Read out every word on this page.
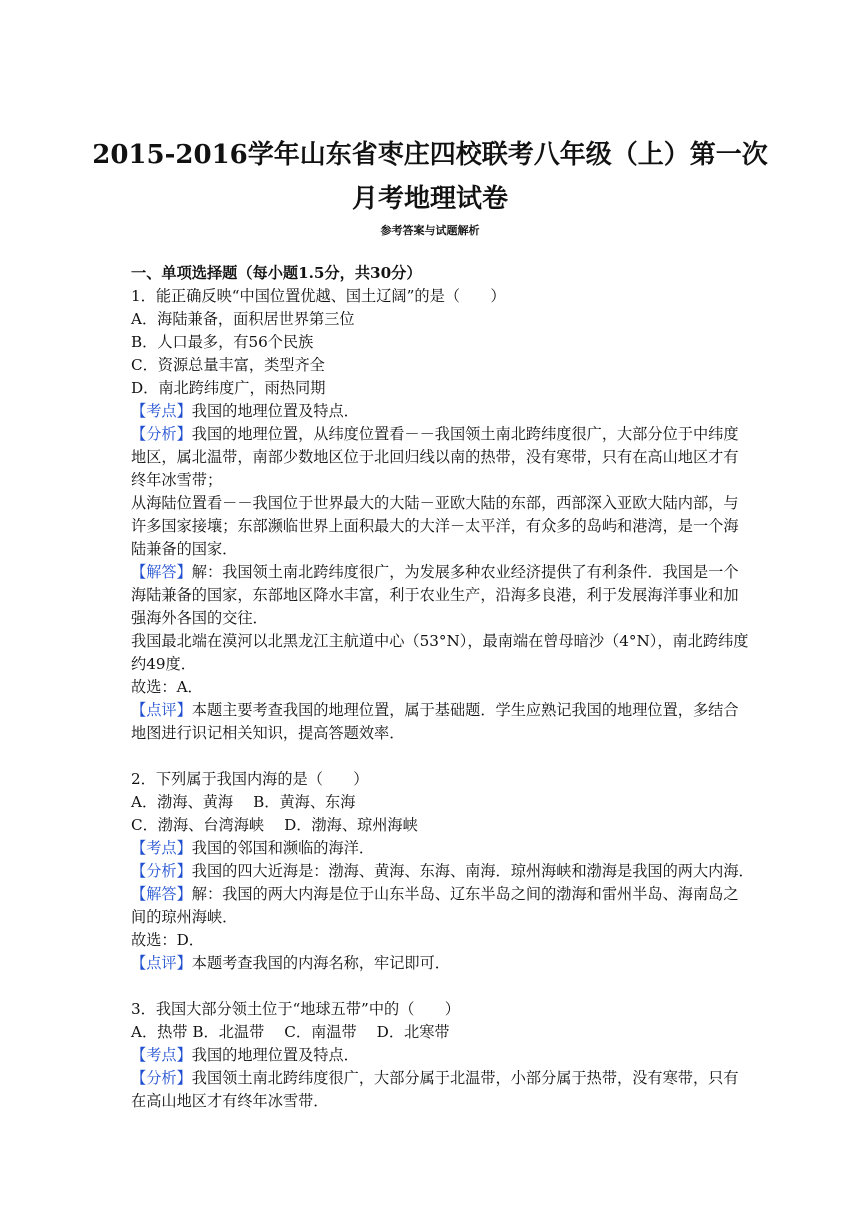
2015-2016学年山东省枣庄四校联考八年级（上）第一次
月考地理试卷
参考答案与试题解析
一、单项选择题（每小题1.5分，共30分）
1．能正确反映“中国位置优越、国土辽阔”的是（　　）
A．海陆兼备，面积居世界第三位
B．人口最多，有56个民族
C．资源总量丰富，类型齐全
D．南北跨纬度广，雨热同期
【考点】我国的地理位置及特点．
【分析】我国的地理位置，从纬度位置看－－我国领土南北跨纬度很广，大部分位于中纬度
地区，属北温带，南部少数地区位于北回归线以南的热带，没有寒带，只有在高山地区才有
终年冰雪带；
从海陆位置看－－我国位于世界最大的大陆－亚欧大陆的东部，西部深入亚欧大陆内部，与
许多国家接壤；东部濒临世界上面积最大的大洋－太平洋，有众多的岛屿和港湾，是一个海
陆兼备的国家．
【解答】解：我国领土南北跨纬度很广，为发展多种农业经济提供了有利条件．我国是一个
海陆兼备的国家，东部地区降水丰富，利于农业生产，沿海多良港，利于发展海洋事业和加
强海外各国的交往．
我国最北端在漠河以北黑龙江主航道中心（53°N），最南端在曾母暗沙（4°N），南北跨纬度
约49度．
故选：A．
【点评】本题主要考查我国的地理位置，属于基础题．学生应熟记我国的地理位置，多结合
地图进行识记相关知识，提高答题效率．
2．下列属于我国内海的是（　　）
A．渤海、黄海　 B．黄海、东海
C．渤海、台湾海峡　 D．渤海、琼州海峡
【考点】我国的邻国和濒临的海洋．
【分析】我国的四大近海是：渤海、黄海、东海、南海．琼州海峡和渤海是我国的两大内海．
【解答】解：我国的两大内海是位于山东半岛、辽东半岛之间的渤海和雷州半岛、海南岛之
间的琼州海峡．
故选：D．
【点评】本题考查我国的内海名称，牢记即可．
3．我国大部分领土位于“地球五带”中的（　　）
A．热带 B．北温带　 C．南温带　 D．北寒带
【考点】我国的地理位置及特点．
【分析】我国领土南北跨纬度很广，大部分属于北温带，小部分属于热带，没有寒带，只有
在高山地区才有终年冰雪带．
